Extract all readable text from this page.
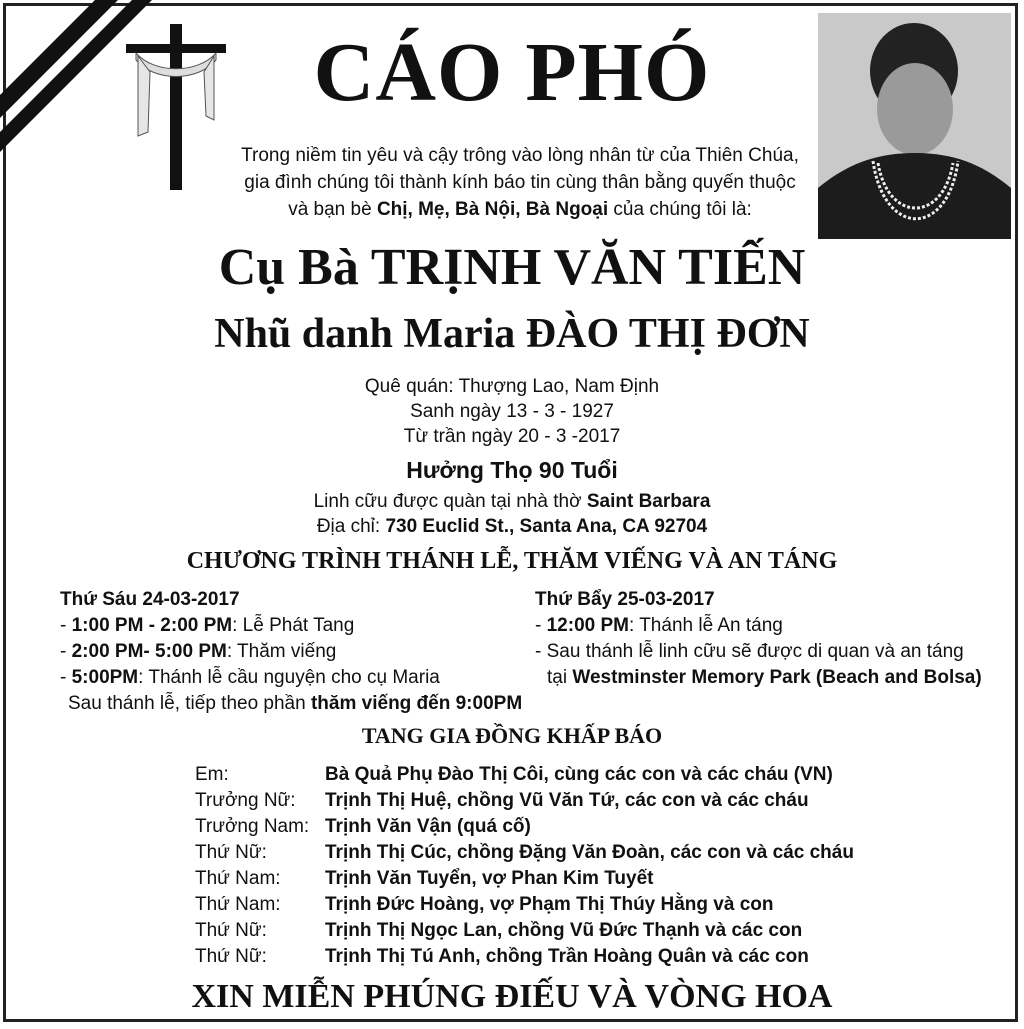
CÁO PHÓ
Trong niềm tin yêu và cậy trông vào lòng nhân từ của Thiên Chúa,
gia đình chúng tôi thành kính báo tin cùng thân bằng quyến thuộc
và bạn bè Chị, Mẹ, Bà Nội, Bà Ngoại của chúng tôi là:
Cụ Bà TRỊNH VĂN TIẾN
Nhũ danh Maria ĐÀO THỊ ĐƠN
Quê quán: Thượng Lao, Nam Định
Sanh ngày 13 - 3 - 1927
Từ trần ngày 20 - 3 -2017
Hưởng Thọ 90 Tuổi
Linh cữu được quàn tại nhà thờ Saint Barbara
Địa chỉ: 730 Euclid St., Santa Ana, CA 92704
CHƯƠNG TRÌNH THÁNH LỄ, THĂM VIẾNG VÀ AN TÁNG
Thứ Sáu 24-03-2017
- 1:00 PM - 2:00 PM: Lễ Phát Tang
- 2:00 PM- 5:00 PM: Thăm viếng
- 5:00PM: Thánh lễ cầu nguyện cho cụ Maria
Sau thánh lễ, tiếp theo phần thăm viếng đến 9:00PM
Thứ Bẩy 25-03-2017
- 12:00 PM: Thánh lễ An táng
- Sau thánh lễ linh cữu sẽ được di quan và an táng
tại Westminster Memory Park (Beach and Bolsa)
TANG GIA ĐỒNG KHẤP BÁO
Em:	Bà Quả Phụ Đào Thị Côi, cùng các con và các cháu (VN)
Trưởng Nữ:	Trịnh Thị Huệ, chồng Vũ Văn Tứ, các con và các cháu
Trưởng Nam: Trịnh Văn Vận (quá cố)
Thứ Nữ:	Trịnh Thị Cúc, chồng Đặng Văn Đoàn, các con và các cháu
Thứ Nam:	Trịnh Văn Tuyển, vợ Phan Kim Tuyết
Thứ Nam:	Trịnh Đức Hoàng, vợ Phạm Thị Thúy Hằng và con
Thứ Nữ:	Trịnh Thị Ngọc Lan, chồng Vũ Đức Thạnh và các con
Thứ Nữ:	Trịnh Thị Tú Anh, chồng Trần Hoàng Quân và các con
XIN MIỄN PHÚNG ĐIẾU VÀ VÒNG HOA
